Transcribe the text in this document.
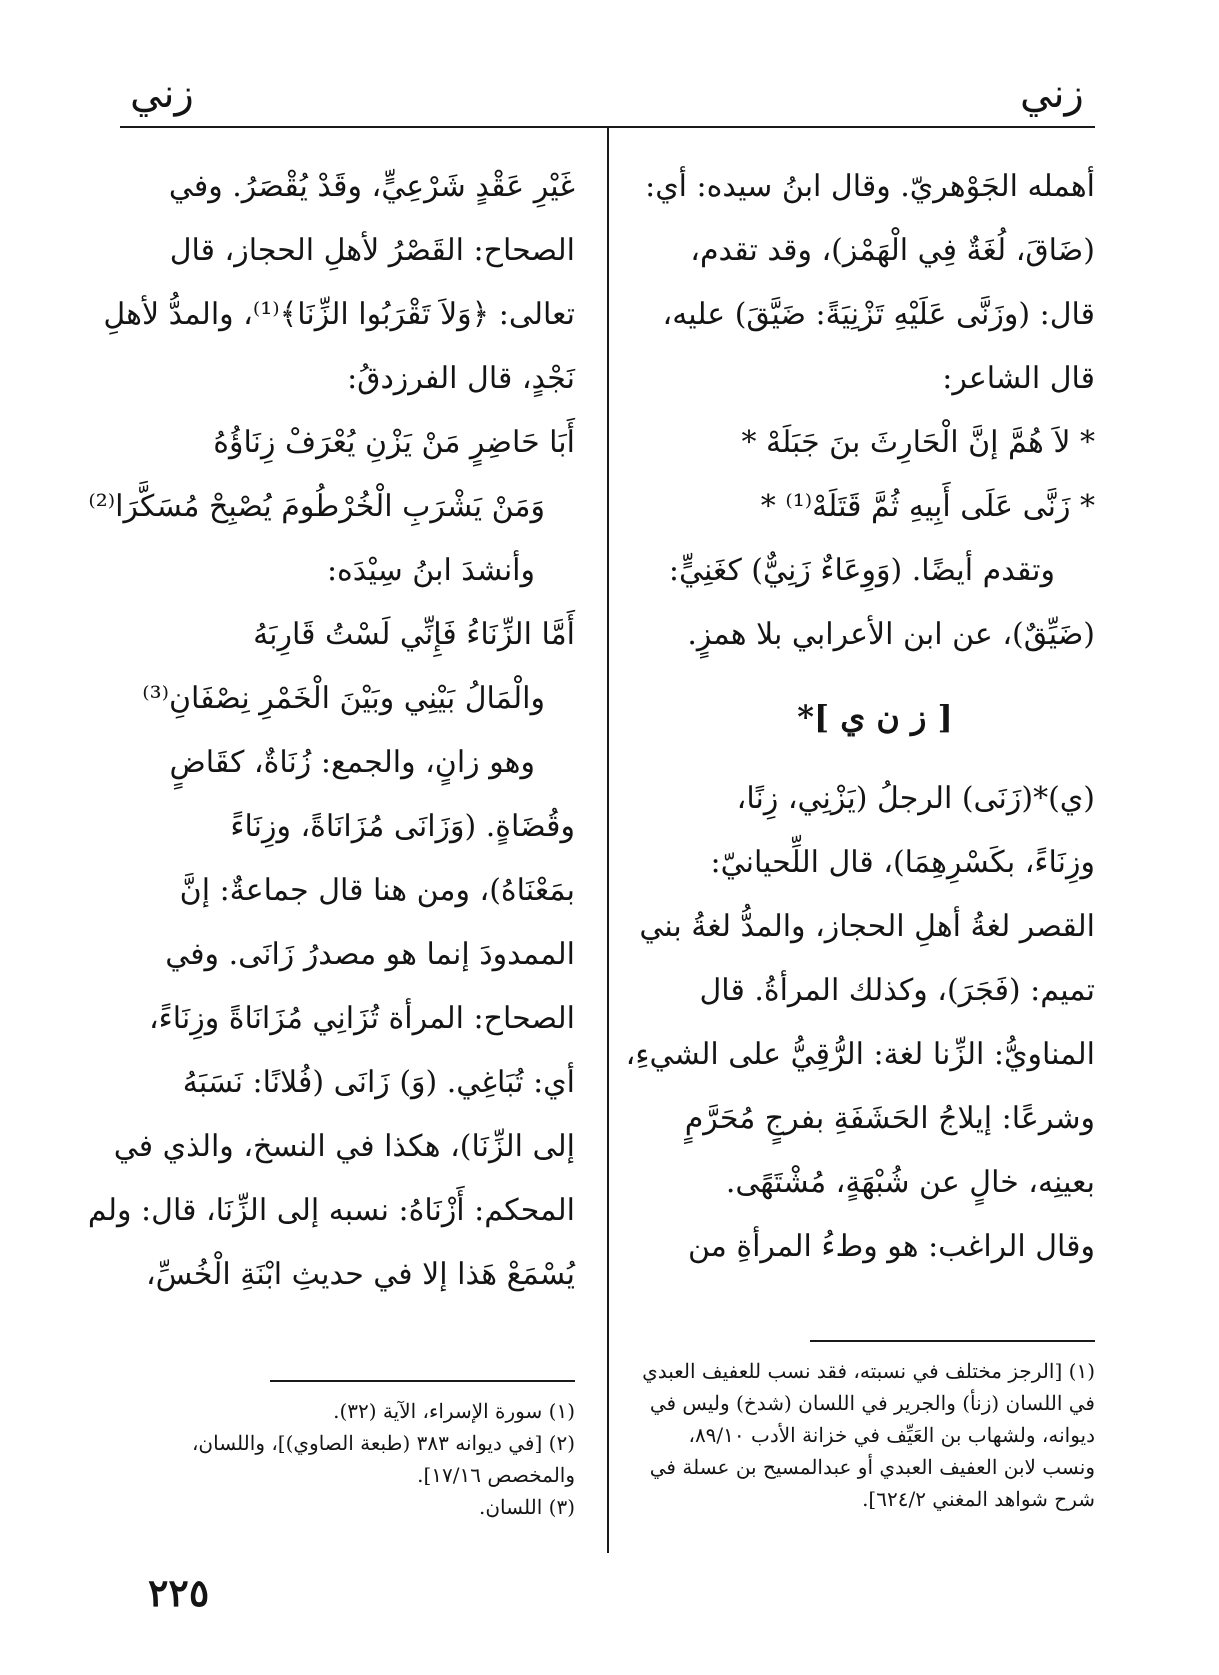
زني
زني
أهمله الجَوْهريّ. وقال ابنُ سيده: أي:
(ضَاقَ، لُغَةٌ فِي الْهَمْز)، وقد تقدم،
قال: (وزَنَّى عَلَيْهِ تَزْنِيَةً: ضَيَّقَ) عليه،
قال الشاعر:
* لاَ هُمَّ إنَّ الْحَارِثَ بنَ جَبَلَهْ *
* زَنَّى عَلَى أَبِيهِ ثُمَّ قَتَلَهْ⁽¹⁾ *
وتقدم أيضًا. (وَوِعَاءٌ زَنِيٌّ) كغَنِيٍّ:
(ضَيِّقٌ)، عن ابن الأعرابي بلا همزٍ.
[ ز ن ي ]*
(ي)*(زَنَى) الرجلُ (يَزْنِي، زِنًا،
وزِنَاءً، بكَسْرِهِمَا)، قال اللِّحيانيّ:
القصر لغةُ أهلِ الحجاز، والمدُّ لغةُ بني
تميم: (فَجَرَ)، وكذلك المرأةُ. قال
المناويُّ: الزِّنا لغة: الرُّقِيُّ على الشيءِ،
وشرعًا: إيلاجُ الحَشَفَةِ بفرجٍ مُحَرَّمٍ
بعينِه، خالٍ عن شُبْهَةٍ، مُشْتَهًى.
وقال الراغب: هو وطءُ المرأةِ من
(١) [الرجز مختلف في نسبته، فقد نسب للعفيف العبدي
في اللسان (زنأ) والجرير في اللسان (شدخ) وليس في
ديوانه، ولشهاب بن العَيِّف في خزانة الأدب ٨٩/١٠،
ونسب لابن العفيف العبدي أو عبدالمسيح بن عسلة في
شرح شواهد المغني ٦٢٤/٢].
غَيْرِ عَقْدٍ شَرْعِيٍّ، وقَدْ يُقْصَرُ. وفي
الصحاح: القَصْرُ لأهلِ الحجاز، قال
تعالى: ﴿وَلاَ تَقْرَبُوا الزِّنَا﴾⁽¹⁾، والمدُّ لأهلِ
نَجْدٍ، قال الفرزدقُ:
أَبَا حَاضِرٍ مَنْ يَزْنِ يُعْرَفْ زِنَاؤُهُ
وَمَنْ يَشْرَبِ الْخُرْطُومَ يُصْبِحْ مُسَكَّرَا⁽²⁾
وأنشدَ ابنُ سِيْدَه:
أَمَّا الزِّنَاءُ فَإِنِّي لَسْتُ قَارِبَهُ
والْمَالُ بَيْنِي وبَيْنَ الْخَمْرِ نِصْفَانِ⁽³⁾
وهو زانٍ، والجمع: زُنَاةٌ، كقَاضٍ
وقُضَاةٍ. (وَزَانَى مُزَانَاةً، وزِنَاءً
بمَعْنَاهُ)، ومن هنا قال جماعةٌ: إنَّ
الممدودَ إنما هو مصدرُ زَانَى. وفي
الصحاح: المرأة تُزَانِي مُزَانَاةً وزِنَاءً،
أي: تُبَاغِي. (وَ) زَانَى (فُلانًا: نَسَبَهُ
إلى الزِّنَا)، هكذا في النسخ، والذي في
المحكم: أَزْنَاهُ: نسبه إلى الزِّنَا، قال: ولم
يُسْمَعْ هَذا إلا في حديثِ ابْنَةِ الْخُسِّ،
(١) سورة الإسراء، الآية (٣٢).
(٢) [في ديوانه ٣٨٣ (طبعة الصاوي)]، واللسان،
والمخصص ١٧/١٦].
(٣) اللسان.
٢٢٥
